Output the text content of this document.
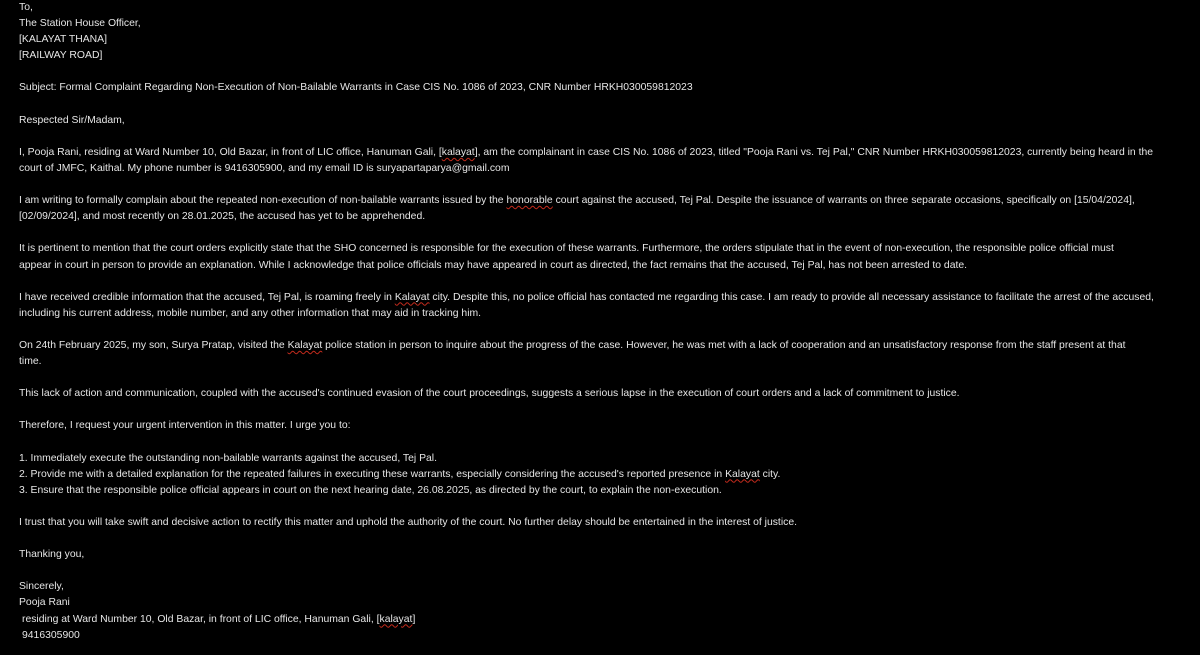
To,
The Station House Officer,
[KALAYAT THANA]
[RAILWAY ROAD]
Subject: Formal Complaint Regarding Non-Execution of Non-Bailable Warrants in Case CIS No. 1086 of 2023, CNR Number HRKH030059812023
Respected Sir/Madam,
I, Pooja Rani, residing at Ward Number 10, Old Bazar, in front of LIC office, Hanuman Gali, [kalayat], am the complainant in case CIS No. 1086 of 2023, titled "Pooja Rani vs. Tej Pal," CNR Number HRKH030059812023, currently being heard in the
court of JMFC, Kaithal. My phone number is 9416305900, and my email ID is suryapartaparya@gmail.com
I am writing to formally complain about the repeated non-execution of non-bailable warrants issued by the honorable court against the accused, Tej Pal. Despite the issuance of warrants on three separate occasions, specifically on [15/04/2024],
[02/09/2024], and most recently on 28.01.2025, the accused has yet to be apprehended.
It is pertinent to mention that the court orders explicitly state that the SHO concerned is responsible for the execution of these warrants. Furthermore, the orders stipulate that in the event of non-execution, the responsible police official must
appear in court in person to provide an explanation. While I acknowledge that police officials may have appeared in court as directed, the fact remains that the accused, Tej Pal, has not been arrested to date.
I have received credible information that the accused, Tej Pal, is roaming freely in Kalayat city. Despite this, no police official has contacted me regarding this case. I am ready to provide all necessary assistance to facilitate the arrest of the accused,
including his current address, mobile number, and any other information that may aid in tracking him.
On 24th February 2025, my son, Surya Pratap, visited the Kalayat police station in person to inquire about the progress of the case. However, he was met with a lack of cooperation and an unsatisfactory response from the staff present at that
time.
This lack of action and communication, coupled with the accused's continued evasion of the court proceedings, suggests a serious lapse in the execution of court orders and a lack of commitment to justice.
Therefore, I request your urgent intervention in this matter. I urge you to:
1. Immediately execute the outstanding non-bailable warrants against the accused, Tej Pal.
2. Provide me with a detailed explanation for the repeated failures in executing these warrants, especially considering the accused's reported presence in Kalayat city.
3. Ensure that the responsible police official appears in court on the next hearing date, 26.08.2025, as directed by the court, to explain the non-execution.
I trust that you will take swift and decisive action to rectify this matter and uphold the authority of the court. No further delay should be entertained in the interest of justice.
Thanking you,
Sincerely,
Pooja Rani
residing at Ward Number 10, Old Bazar, in front of LIC office, Hanuman Gali, [kalayat]
9416305900
